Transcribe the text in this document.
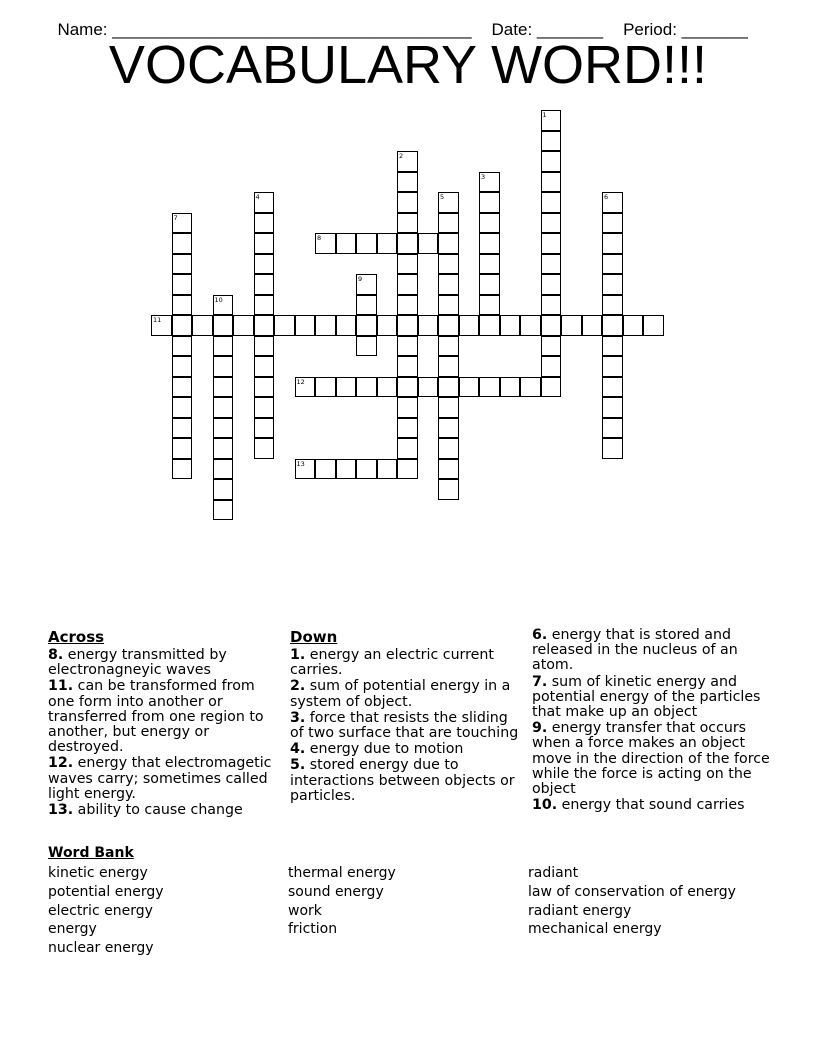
Name: ______________________________________ Date: _______ Period: _______

VOCABULARY WORD!!!
1
2
3
4	5	6
7
8
9
10
11
12
13
Across
8. energy transmitted by electronagneyic waves
11. can be transformed from one form into another or transferred from one region to another, but energy or destroyed.
12. energy that electromagetic waves carry; sometimes called light energy.
13. ability to cause change
Down
1. energy an electric current carries.
2. sum of potential energy in a system of object.
3. force that resists the sliding of two surface that are touching
4. energy due to motion
5. stored energy due to interactions between objects or particles.
6. energy that is stored and released in the nucleus of an atom.
7. sum of kinetic energy and potential energy of the particles that make up an object
9. energy transfer that occurs when a force makes an object move in the direction of the force while the force is acting on the object
10. energy that sound carries
Word Bank
kinetic energy
potential energy
electric energy
energy
nuclear energy
thermal energy
sound energy
work
friction
radiant
law of conservation of energy
radiant energy
mechanical energy
